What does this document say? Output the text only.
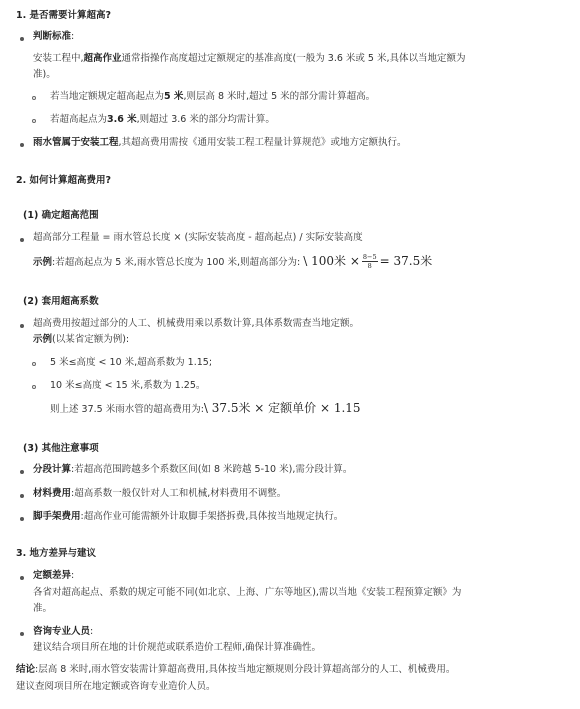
1. 是否需要计算超高?
判断标准:
安装工程中,超高作业通常指操作高度超过定额规定的基准高度(一般为 3.6 米或 5 米,具体以当地定额为
准)。
若当地定额规定超高起点为5 米,则层高 8 米时,超过 5 米的部分需计算超高。
若超高起点为3.6 米,则超过 3.6 米的部分均需计算。
雨水管属于安装工程,其超高费用需按《通用安装工程工程量计算规范》或地方定额执行。
2. 如何计算超高费用?
(1) 确定超高范围
超高部分工程量 = 雨水管总长度 × (实际安装高度 - 超高起点) / 实际安装高度
示例:若超高起点为 5 米,雨水管总长度为 100 米,则超高部分为: \ 100米 × $\frac{8-5}{8} = 37.5$米
(2) 套用超高系数
超高费用按超过部分的人工、机械费用乘以系数计算,具体系数需查当地定额。
示例(以某省定额为例):
5 米≤高度 < 10 米,超高系数为 1.15;
10 米≤高度 < 15 米,系数为 1.25。
则上述 37.5 米雨水管的超高费用为:\ 37.5米 × 定额单价 × 1.15
(3) 其他注意事项
分段计算:若超高范围跨越多个系数区间(如 8 米跨越 5-10 米),需分段计算。
材料费用:超高系数一般仅针对人工和机械,材料费用不调整。
脚手架费用:超高作业可能需额外计取脚手架搭拆费,具体按当地规定执行。
3. 地方差异与建议
定额差异:
各省对超高起点、系数的规定可能不同(如北京、上海、广东等地区),需以当地《安装工程预算定额》为
准。
咨询专业人员:
建议结合项目所在地的计价规范或联系造价工程师,确保计算准确性。
结论:层高 8 米时,雨水管安装需计算超高费用,具体按当地定额规则分段计算超高部分的人工、机械费用。
建议查阅项目所在地定额或咨询专业造价人员。
